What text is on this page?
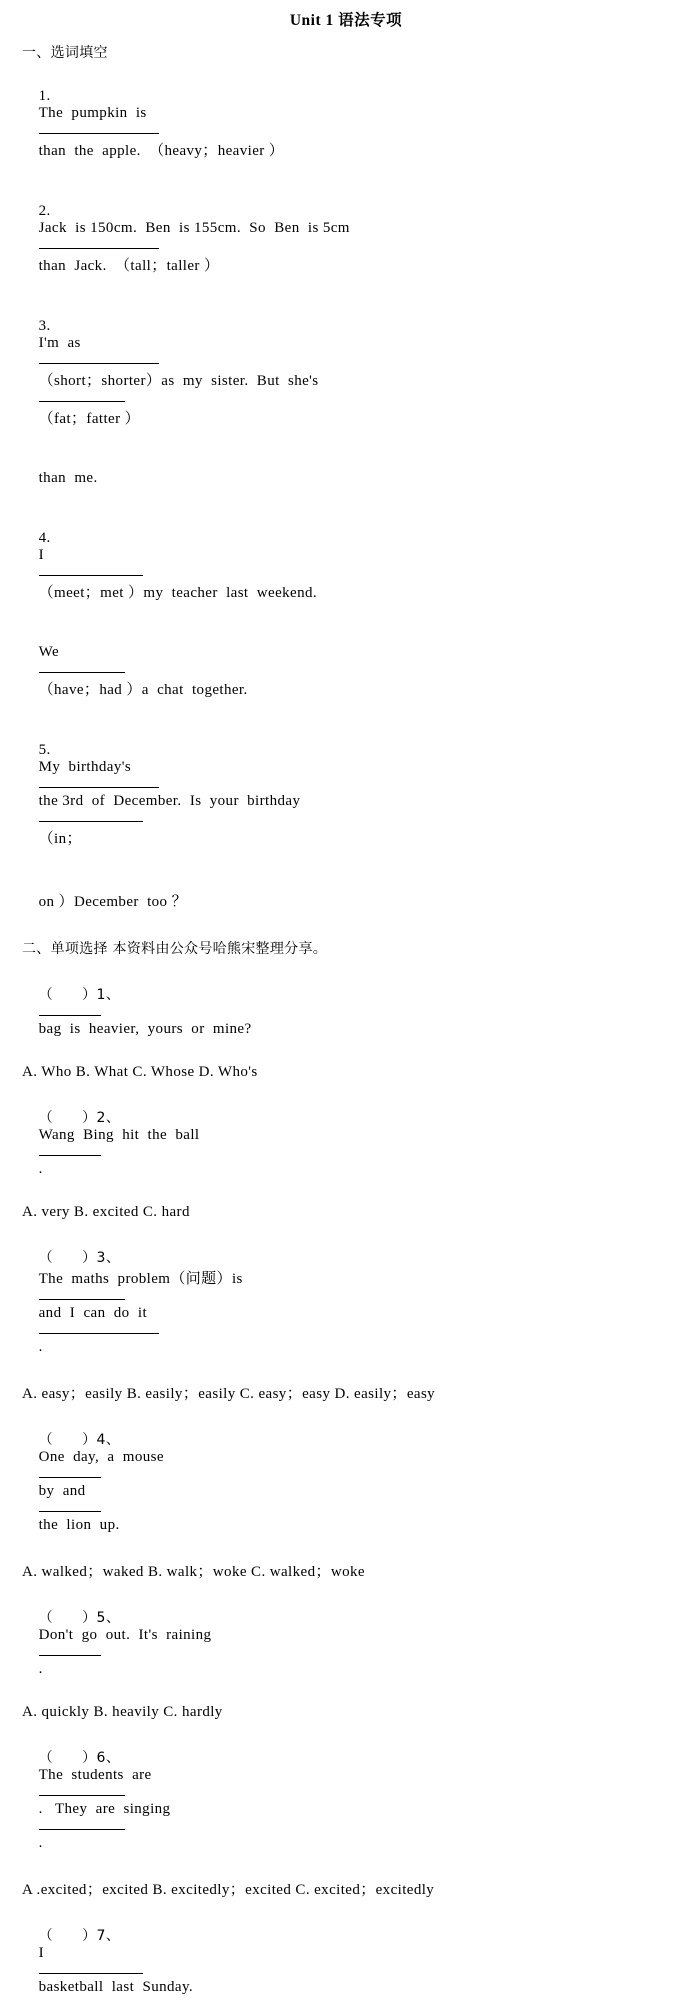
Unit 1 语法专项
一、选词填空

1.
The  pumpkin  is

than  the  apple.  （heavy；heavier ）

2.
Jack  is 150cm.  Ben  is 155cm.  So  Ben  is 5cm

than  Jack.  （tall；taller ）

3.
I'm  as

（short；shorter）as  my  sister.  But  she's

（fat；fatter ）

than  me.

4.
I

（meet；met ）my  teacher  last  weekend.

We

（have；had ）a  chat  together.

5.
My  birthday's

the 3rd  of  December.  Is  your  birthday

（in；

on ）December  too ？

二、单项选择 本资料由公众号哈熊宋整理分享。

（      ）1、

bag  is  heavier,  yours  or  mine?

A. Who B. What C. Whose D. Who's

（      ）2、
Wang  Bing  hit  the  ball

.

A. very B. excited C. hard

（      ）3、
The  maths  problem（问题）is

and  I  can  do  it

.

A. easy；easily B. easily；easily C. easy；easy D. easily；easy

（      ）4、
One  day,  a  mouse

by  and

the  lion  up.

A. walked；waked B. walk；woke C. walked；woke

（      ）5、
Don't  go  out.  It's  raining

.

A. quickly B. heavily C. hardly

（      ）6、
The  students  are

.   They  are  singing

.

A .excited；excited B. excitedly；excited C. excited；excitedly

（      ）7、
I

basketball  last  Sunday.
